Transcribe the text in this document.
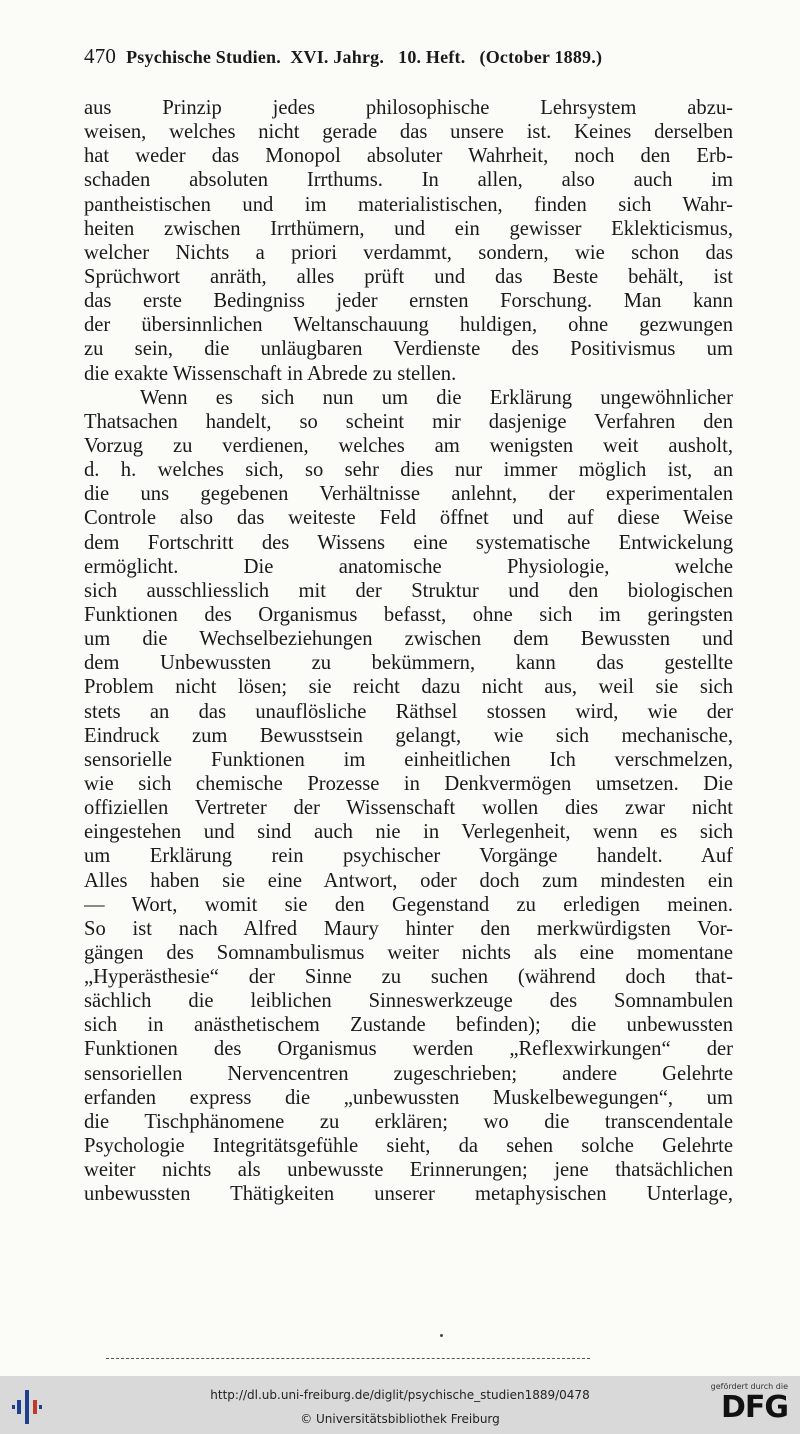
470 Psychische Studien.  XVI. Jahrg.   10. Heft.   (October 1889.)
aus Prinzip jedes philosophische Lehrsystem abzu-
weisen, welches nicht gerade das unsere ist. Keines derselben
hat weder das Monopol absoluter Wahrheit, noch den Erb-
schaden absoluten Irrthums. In allen, also auch im
pantheistischen und im materialistischen, finden sich Wahr-
heiten zwischen Irrthümern, und ein gewisser Eklekticismus,
welcher Nichts a priori verdammt, sondern, wie schon das
Sprüchwort anräth, alles prüft und das Beste behält, ist
das erste Bedingniss jeder ernsten Forschung. Man kann
der übersinnlichen Weltanschauung huldigen, ohne gezwungen
zu sein, die unläugbaren Verdienste des Positivismus um
die exakte Wissenschaft in Abrede zu stellen.
Wenn es sich nun um die Erklärung ungewöhnlicher
Thatsachen handelt, so scheint mir dasjenige Verfahren den
Vorzug zu verdienen, welches am wenigsten weit ausholt,
d. h. welches sich, so sehr dies nur immer möglich ist, an
die uns gegebenen Verhältnisse anlehnt, der experimentalen
Controle also das weiteste Feld öffnet und auf diese Weise
dem Fortschritt des Wissens eine systematische Entwickelung
ermöglicht. Die anatomische Physiologie, welche
sich ausschliesslich mit der Struktur und den biologischen
Funktionen des Organismus befasst, ohne sich im geringsten
um die Wechselbeziehungen zwischen dem Bewussten und
dem Unbewussten zu bekümmern, kann das gestellte
Problem nicht lösen; sie reicht dazu nicht aus, weil sie sich
stets an das unauflösliche Räthsel stossen wird, wie der
Eindruck zum Bewusstsein gelangt, wie sich mechanische,
sensorielle Funktionen im einheitlichen Ich verschmelzen,
wie sich chemische Prozesse in Denkvermögen umsetzen. Die
offiziellen Vertreter der Wissenschaft wollen dies zwar nicht
eingestehen und sind auch nie in Verlegenheit, wenn es sich
um Erklärung rein psychischer Vorgänge handelt. Auf
Alles haben sie eine Antwort, oder doch zum mindesten ein
— Wort, womit sie den Gegenstand zu erledigen meinen.
So ist nach Alfred Maury hinter den merkwürdigsten Vor-
gängen des Somnambulismus weiter nichts als eine momentane
„Hyperästhesie“ der Sinne zu suchen (während doch that-
sächlich die leiblichen Sinneswerkzeuge des Somnambulen
sich in anästhetischem Zustande befinden); die unbewussten
Funktionen des Organismus werden „Reflexwirkungen“ der
sensoriellen Nervencentren zugeschrieben; andere Gelehrte
erfanden express die „unbewussten Muskelbewegungen“, um
die Tischphänomene zu erklären; wo die transcendentale
Psychologie Integritätsgefühle sieht, da sehen solche Gelehrte
weiter nichts als unbewusste Erinnerungen; jene thatsächlichen
unbewussten Thätigkeiten unserer metaphysischen Unterlage,
http://dl.ub.uni-freiburg.de/diglit/psychische_studien1889/0478
© Universitätsbibliothek Freiburg
gefördert durch die
DFG
